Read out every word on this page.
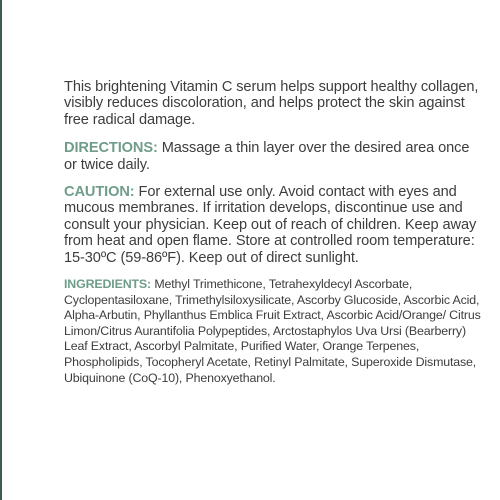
This brightening Vitamin C serum helps support healthy collagen, visibly reduces discoloration, and helps protect the skin against free radical damage.

DIRECTIONS: Massage a thin layer over the desired area once or twice daily.

CAUTION: For external use only. Avoid contact with eyes and mucous membranes. If irritation develops, discontinue use and consult your physician. Keep out of reach of children. Keep away from heat and open flame. Store at controlled room temperature: 15-30ºC (59-86ºF). Keep out of direct sunlight.

INGREDIENTS: Methyl Trimethicone, Tetrahexyldecyl Ascorbate, Cyclopentasiloxane, Trimethylsiloxysilicate, Ascorby Glucoside, Ascorbic Acid, Alpha-Arbutin, Phyllanthus Emblica Fruit Extract, Ascorbic Acid/Orange/ Citrus Limon/Citrus Aurantifolia Polypeptides, Arctostaphylos Uva Ursi (Bearberry) Leaf Extract, Ascorbyl Palmitate, Purified Water, Orange Terpenes, Phospholipids, Tocopheryl Acetate, Retinyl Palmitate, Superoxide Dismutase, Ubiquinone (CoQ-10), Phenoxyethanol.
